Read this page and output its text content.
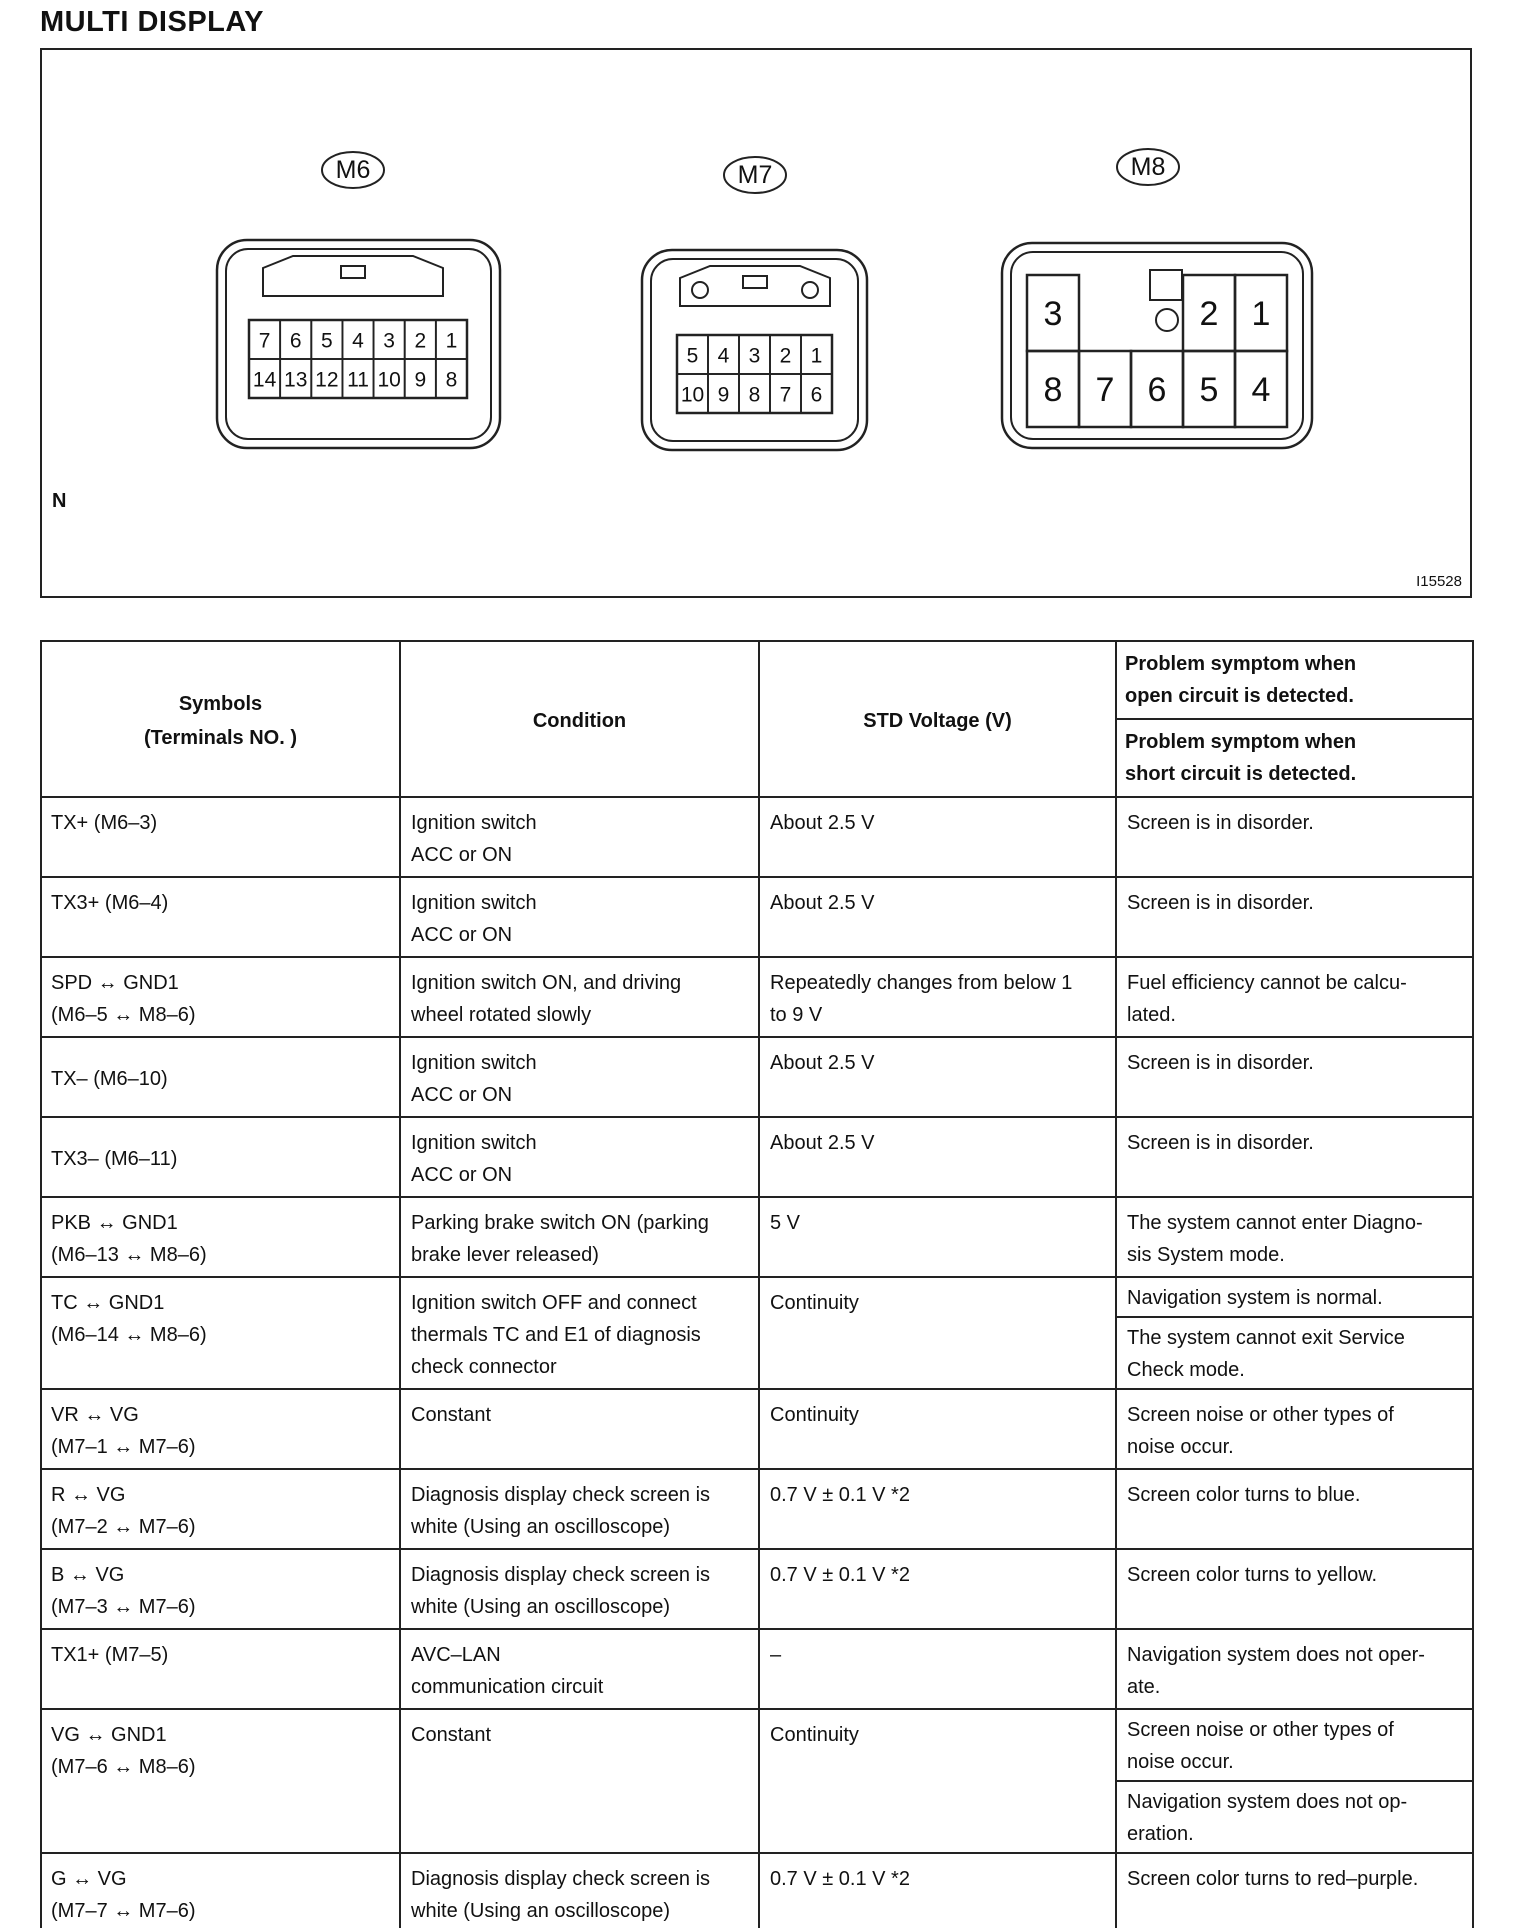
MULTI DISPLAY
M6
7 6 5 4 3 2 1
14 13 12 11 10 9 8
M7
5 4 3 2 1
10 9 8 7 6
M8
3	2 1
8 7 6 5 4
N
I15528
Symbols
(Terminals NO. )	Condition	STD Voltage (V)	Problem symptom when
open circuit is detected.
			Problem symptom when
short circuit is detected.
TX+ (M6–3)	Ignition switch
ACC or ON	About 2.5 V	Screen is in disorder.
TX3+ (M6–4)	Ignition switch
ACC or ON	About 2.5 V	Screen is in disorder.
SPD ↔ GND1
(M6–5 ↔ M8–6)	Ignition switch ON, and driving
wheel rotated slowly	Repeatedly changes from below 1
to 9 V	Fuel efficiency cannot be calcu-
lated.
TX– (M6–10)	Ignition switch
ACC or ON	About 2.5 V	Screen is in disorder.
TX3– (M6–11)	Ignition switch
ACC or ON	About 2.5 V	Screen is in disorder.
PKB ↔ GND1
(M6–13 ↔ M8–6)	Parking brake switch ON (parking
brake lever released)	5 V	The system cannot enter Diagno-
sis System mode.
TC ↔ GND1
(M6–14 ↔ M8–6)	Ignition switch OFF and connect
thermals TC and E1 of diagnosis
check connector	Continuity	Navigation system is normal.
			The system cannot exit Service
Check mode.
VR ↔ VG
(M7–1 ↔ M7–6)	Constant	Continuity	Screen noise or other types of
noise occur.
R ↔ VG
(M7–2 ↔ M7–6)	Diagnosis display check screen is
white (Using an oscilloscope)	0.7 V ± 0.1 V *2	Screen color turns to blue.
B ↔ VG
(M7–3 ↔ M7–6)	Diagnosis display check screen is
white (Using an oscilloscope)	0.7 V ± 0.1 V *2	Screen color turns to yellow.
TX1+ (M7–5)	AVC–LAN
communication circuit	–	Navigation system does not oper-
ate.
VG ↔ GND1
(M7–6 ↔ M8–6)	Constant	Continuity	Screen noise or other types of
noise occur.
			Navigation system does not op-
eration.
G ↔ VG
(M7–7 ↔ M7–6)	Diagnosis display check screen is
white (Using an oscilloscope)	0.7 V ± 0.1 V *2	Screen color turns to red–purple.
